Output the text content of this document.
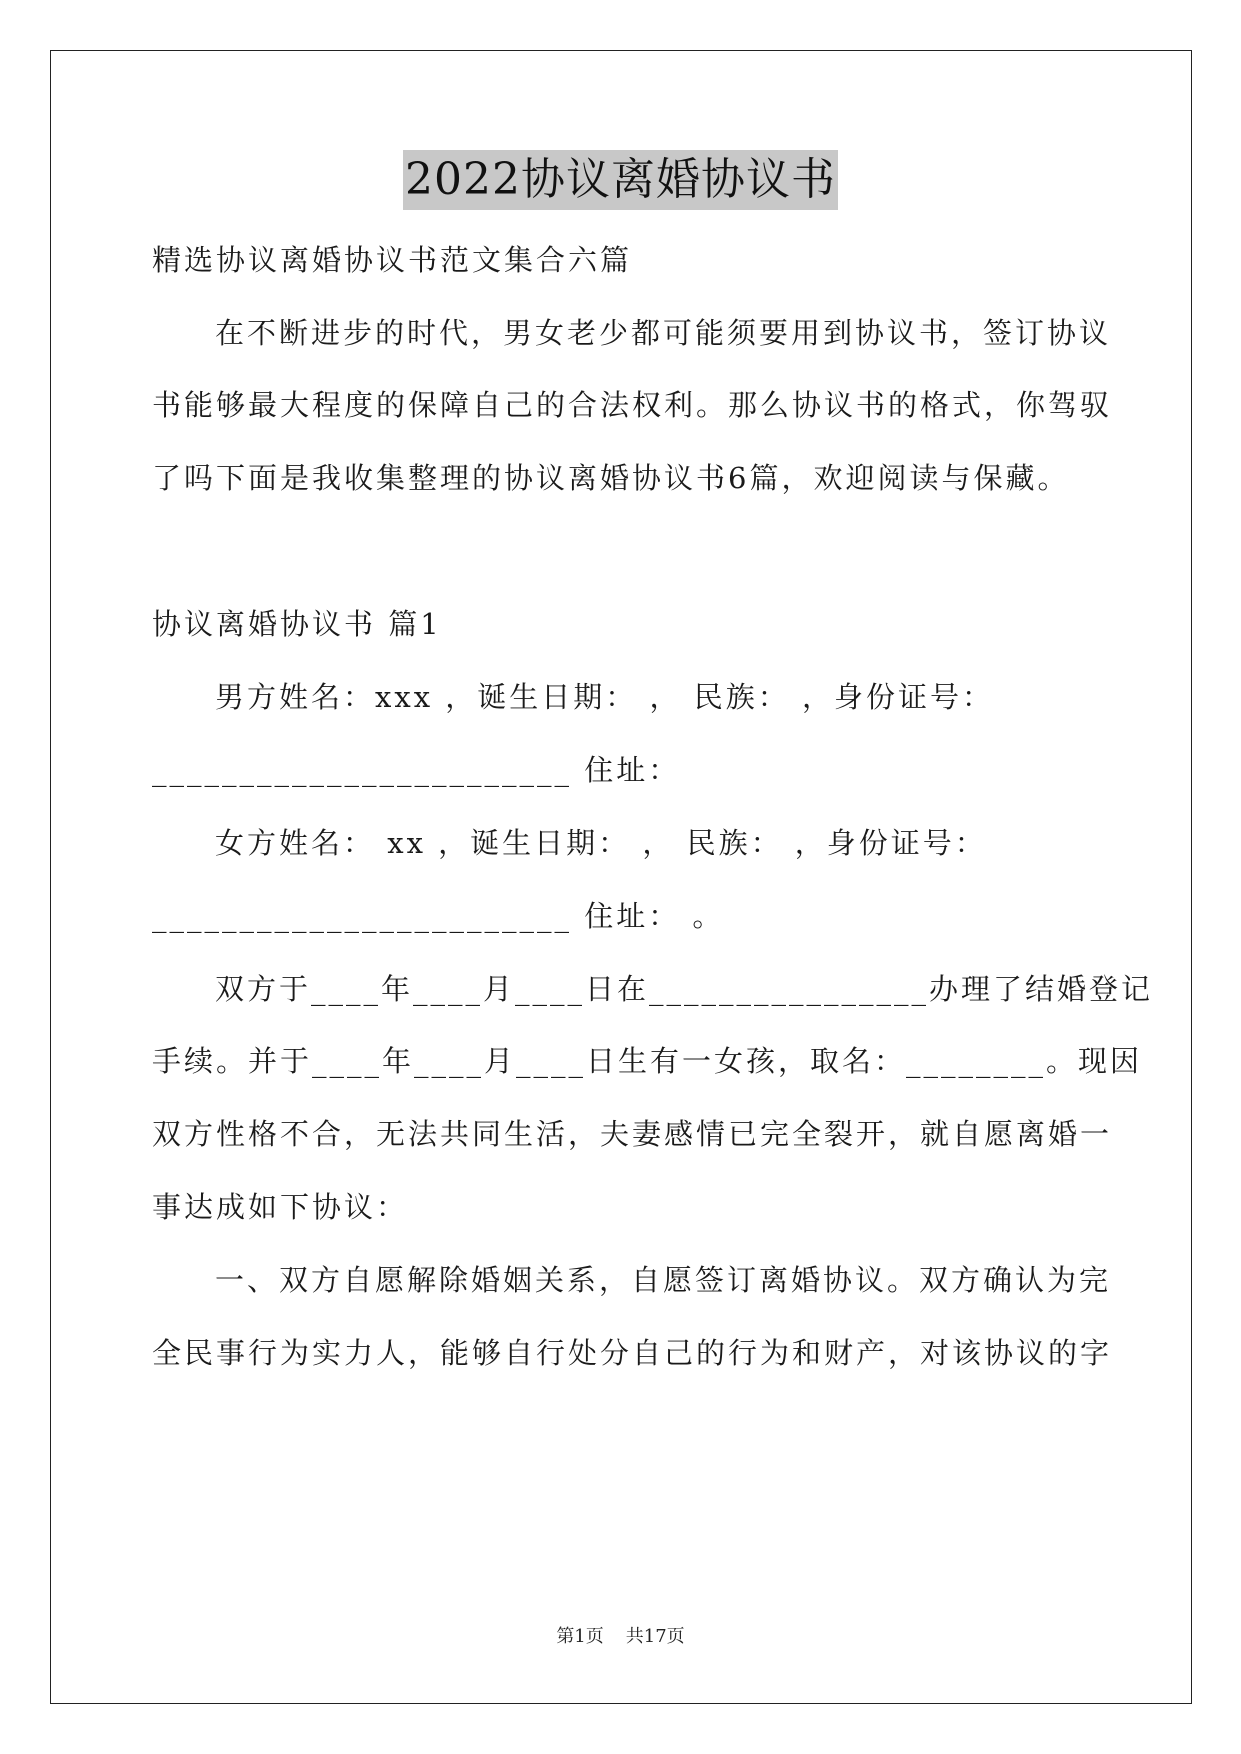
2022协议离婚协议书
精选协议离婚协议书范文集合六篇
在不断进步的时代，男女老少都可能须要用到协议书，签订协议
书能够最大程度的保障自己的合法权利。那么协议书的格式，你驾驭
了吗下面是我收集整理的协议离婚协议书6篇，欢迎阅读与保藏。
协议离婚协议书 篇1
男方姓名：xxx ，诞生日期： ， 民族： ，身份证号：
________________________ 住址：
女方姓名： xx ，诞生日期： ， 民族： ，身份证号：
________________________ 住址： 。
双方于____年____月____日在________________办理了结婚登记
手续。并于____年____月____日生有一女孩，取名：________。现因
双方性格不合，无法共同生活，夫妻感情已完全裂开，就自愿离婚一
事达成如下协议：
一、双方自愿解除婚姻关系，自愿签订离婚协议。双方确认为完
全民事行为实力人，能够自行处分自己的行为和财产，对该协议的字
第1页 共17页
